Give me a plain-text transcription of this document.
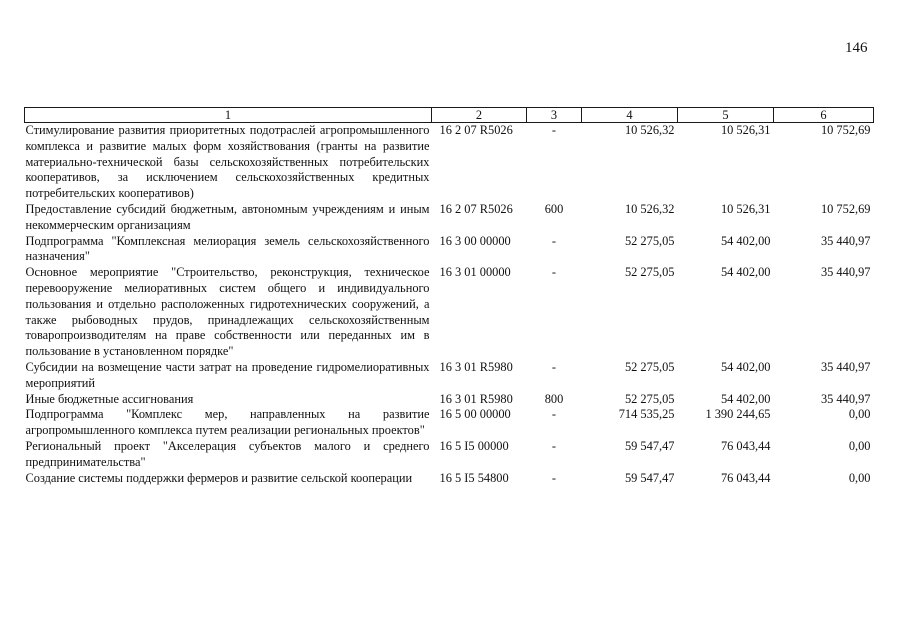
146
1	2	3	4	5	6
Стимулирование развития приоритетных подотраслей агропромышленного комплекса и развитие малых форм хозяйствования (гранты на развитие материально-технической базы сельскохозяйственных потребительских кооперативов, за исключением сельскохозяйственных кредитных потребительских кооперативов)	16 2 07 R5026	-	10 526,32	10 526,31	10 752,69
Предоставление субсидий бюджетным, автономным учреждениям и иным некоммерческим организациям	16 2 07 R5026	600	10 526,32	10 526,31	10 752,69
Подпрограмма "Комплексная мелиорация земель сельскохозяйственного назначения"	16 3 00 00000	-	52 275,05	54 402,00	35 440,97
Основное мероприятие "Строительство, реконструкция, техническое перевооружение мелиоративных систем общего и индивидуального пользования и отдельно расположенных гидротехнических сооружений, а также рыбоводных прудов, принадлежащих сельскохозяйственным товаропроизводителям на праве собственности или переданных им в пользование в установленном порядке"	16 3 01 00000	-	52 275,05	54 402,00	35 440,97
Субсидии на возмещение части затрат на проведение гидромелиоративных мероприятий	16 3 01 R5980	-	52 275,05	54 402,00	35 440,97
Иные бюджетные ассигнования	16 3 01 R5980	800	52 275,05	54 402,00	35 440,97
Подпрограмма "Комплекс мер, направленных на развитие агропромышленного комплекса путем реализации региональных проектов"	16 5 00 00000	-	714 535,25	1 390 244,65	0,00
Региональный проект "Акселерация субъектов малого и среднего предпринимательства"	16 5 I5 00000	-	59 547,47	76 043,44	0,00
Создание системы поддержки фермеров и развитие сельской кооперации	16 5 I5 54800	-	59 547,47	76 043,44	0,00
